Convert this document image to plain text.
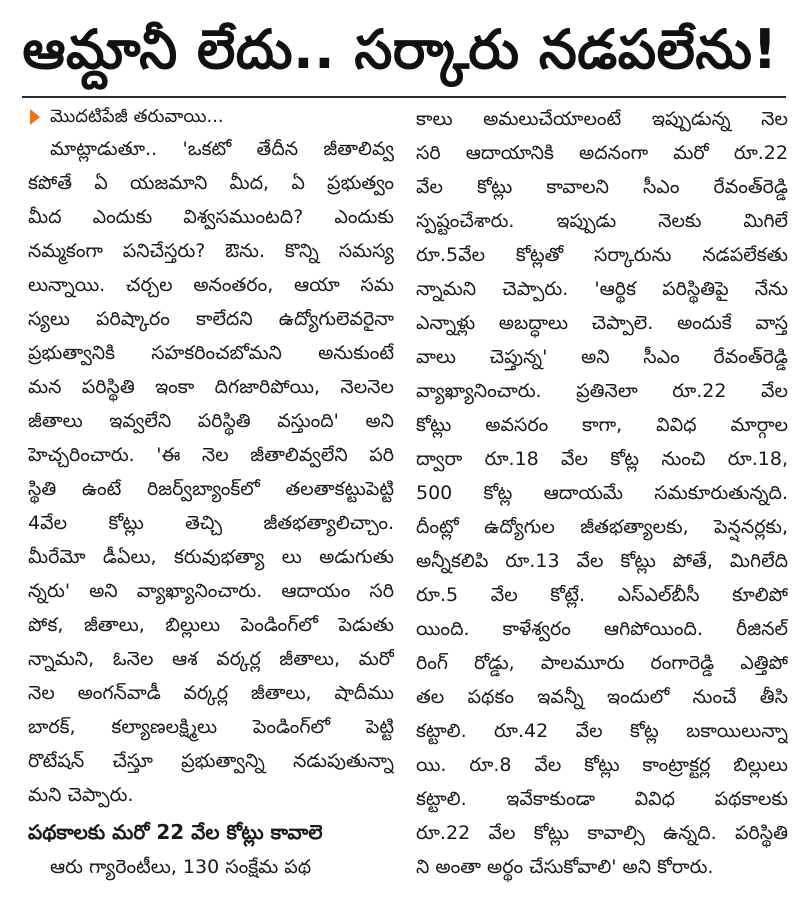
ఆమ్దానీ లేదు.. సర్కారు నడపలేను!
మొదటిపేజీ తరువాయి...
మాట్లాడుతూ.. 'ఒకటో తేదీన జీతాలివ్వ
కపోతే ఏ యజమాని మీద, ఏ ప్రభుత్వం
మీద ఎందుకు విశ్వసముంటది? ఎందుకు
నమ్మకంగా పనిచేస్తరు? ఔను. కొన్ని సమస్య
లున్నాయి. చర్చల అనంతరం, ఆయా సమ
స్యలు పరిష్కారం కాలేదని ఉద్యోగులెవరైనా
ప్రభుత్వానికి సహకరించబోమని అనుకుంటే
మన పరిస్థితి ఇంకా దిగజారిపోయి, నెలనెల
జీతాలు ఇవ్వలేని పరిస్థితి వస్తుంది' అని
హెచ్చరించారు. 'ఈ నెల జీతాలివ్వలేని పరి
స్థితి ఉంటే రిజర్వ్‌బ్యాంక్‌లో తలతాకట్టుపెట్టి
4వేల కోట్లు తెచ్చి జీతభత్యాలిచ్చాం.
మీరేమో డీఏలు, కరువుభత్యా లు అడుగుతు
న్నరు' అని వ్యాఖ్యానించారు. ఆదాయం సరి
పోక, జీతాలు, బిల్లులు పెండింగ్‌లో పెడుతు
న్నామని, ఓనెల ఆశ వర్కర్ల జీతాలు, మరో
నెల అంగన్‌వాడీ వర్కర్ల జీతాలు, షాదీము
బారక్, కల్యాణలక్ష్మిలు పెండింగ్‌లో పెట్టి
రొటేషన్ చేస్తూ ప్రభుత్వాన్ని నడుపుతున్నా
మని చెప్పారు.
పథకాలకు మరో 22 వేల కోట్లు కావాలె
ఆరు గ్యారెంటీలు, 130 సంక్షేమ పథ
కాలు అమలుచేయాలంటే ఇప్పుడున్న నెల
సరి ఆదాయానికి అదనంగా మరో రూ.22
వేల కోట్లు కావాలని సీఎం రేవంత్‌రెడ్డి
స్పష్టంచేశారు. ఇప్పుడు నెలకు మిగిలే
రూ.5వేల కోట్లతో సర్కారును నడపలేకతు
న్నామని చెప్పారు. 'ఆర్థిక పరిస్థితిపై నేను
ఎన్నాళ్లు అబద్ధాలు చెప్పాలె. అందుకే వాస్త
వాలు చెప్తున్న' అని సీఎం రేవంత్‌రెడ్డి
వ్యాఖ్యానించారు. ప్రతినెలా రూ.22 వేల
కోట్లు అవసరం కాగా, వివిధ మార్గాల
ద్వారా రూ.18 వేల కోట్ల నుంచి రూ.18,
500 కోట్ల ఆదాయమే సమకూరుతున్నది.
దీంట్లో ఉద్యోగుల జీతభత్యాలకు, పెన్షనర్లకు,
అన్నీకలిపి రూ.13 వేల కోట్లు పోతే, మిగిలేది
రూ.5 వేల కోట్లే. ఎస్ఎల్‌బీసీ కూలిపో
యింది. కాళేశ్వరం ఆగిపోయింది. రీజినల్
రింగ్ రోడ్డు, పాలమూరు రంగారెడ్డి ఎత్తిపో
తల పథకం ఇవన్నీ ఇందులో నుంచే తీసి
కట్టాలి. రూ.42 వేల కోట్ల బకాయిలున్నా
యి. రూ.8 వేల కోట్లు కాంట్రాక్టర్ల బిల్లులు
కట్టాలి. ఇవేకాకుండా వివిధ పథకాలకు
రూ.22 వేల కోట్లు కావాల్సి ఉన్నది. పరిస్థితి
ని అంతా అర్థం చేసుకోవాలి' అని కోరారు.
